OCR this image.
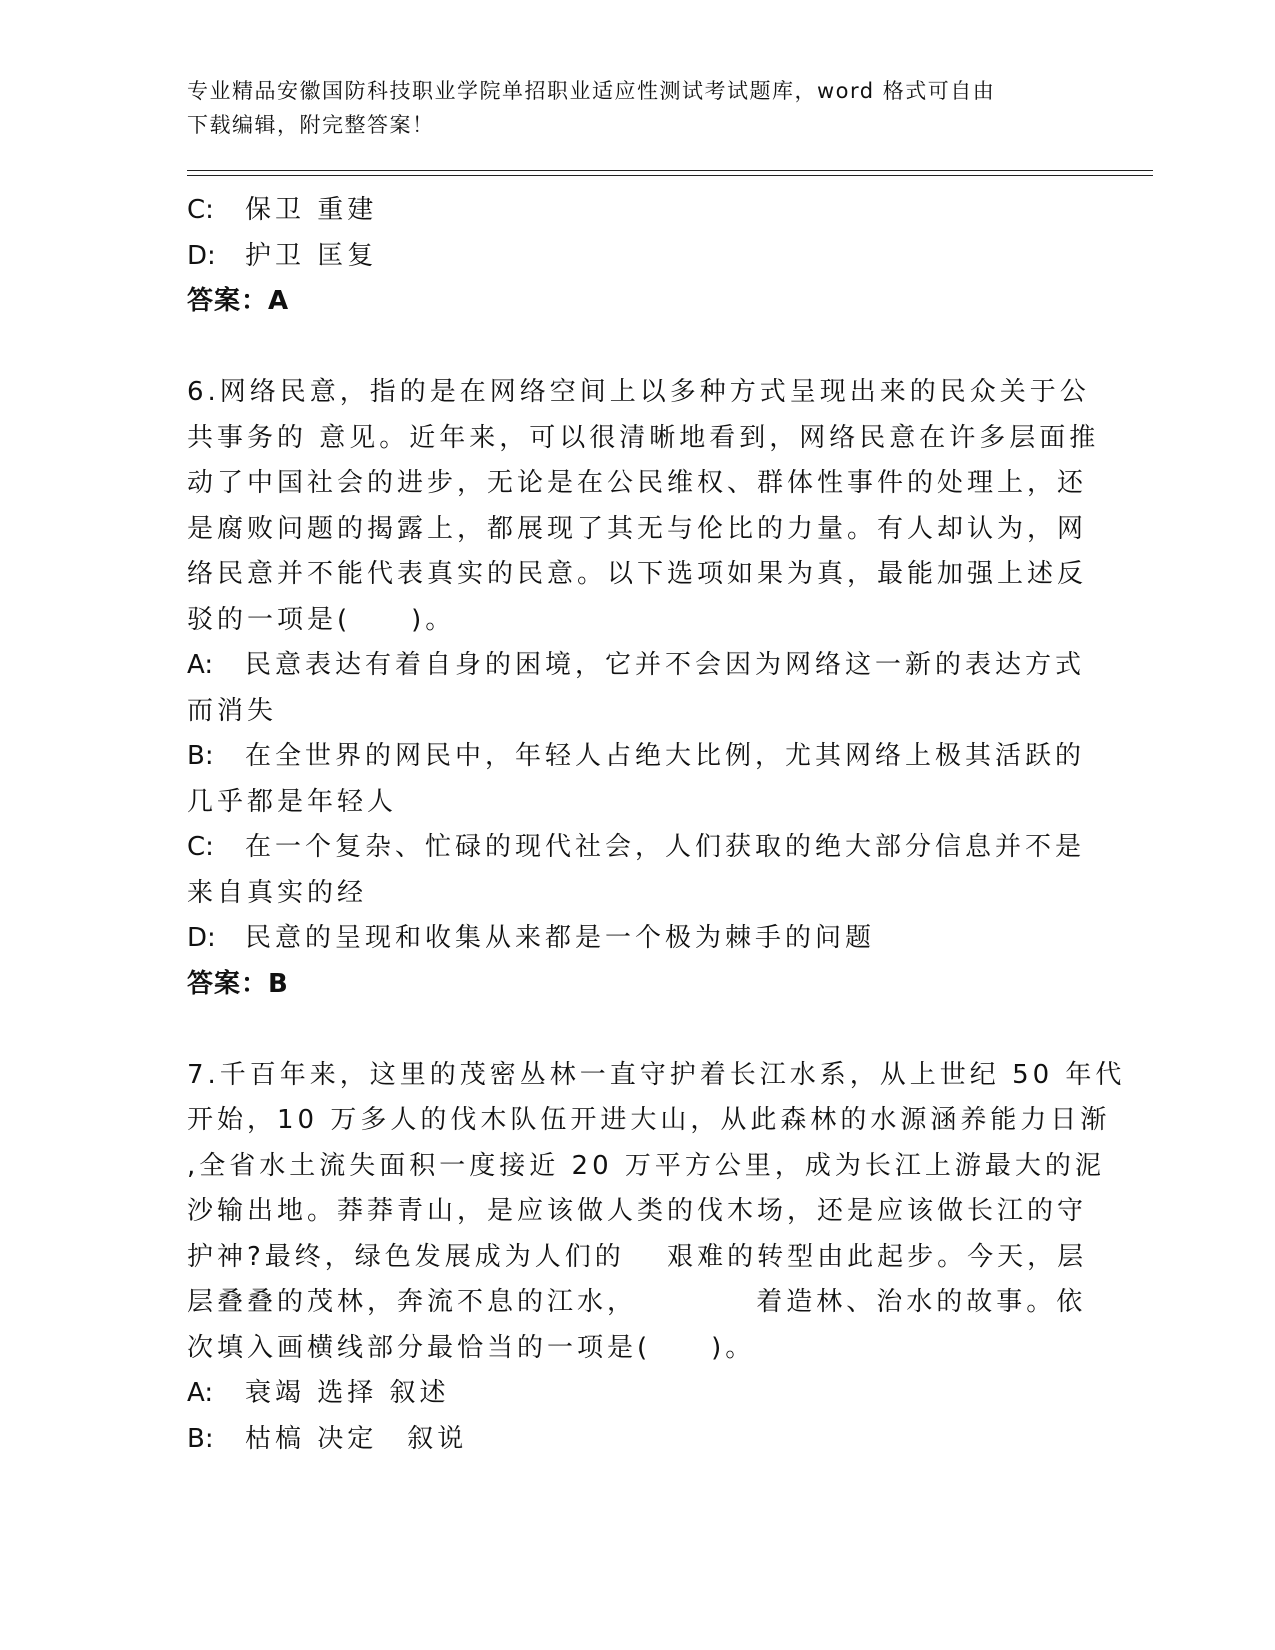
专业精品安徽国防科技职业学院单招职业适应性测试考试题库，word 格式可自由
下载编辑，附完整答案！
C: 保卫 重建
D: 护卫 匡复
答案：A
6.网络民意，指的是在网络空间上以多种方式呈现出来的民众关于公
共事务的 意见。近年来，可以很清晰地看到，网络民意在许多层面推
动了中国社会的进步，无论是在公民维权、群体性事件的处理上，还
是腐败问题的揭露上，都展现了其无与伦比的力量。有人却认为，网
络民意并不能代表真实的民意。以下选项如果为真，最能加强上述反
驳的一项是(　　)。
A: 民意表达有着自身的困境，它并不会因为网络这一新的表达方式
而消失
B: 在全世界的网民中，年轻人占绝大比例，尤其网络上极其活跃的
几乎都是年轻人
C: 在一个复杂、忙碌的现代社会，人们获取的绝大部分信息并不是
来自真实的经
D: 民意的呈现和收集从来都是一个极为棘手的问题
答案：B
7.千百年来，这里的茂密丛林一直守护着长江水系，从上世纪 50 年代
开始，10 万多人的伐木队伍开进大山，从此森林的水源涵养能力日渐
,全省水土流失面积一度接近 20 万平方公里，成为长江上游最大的泥
沙输出地。莽莽青山，是应该做人类的伐木场，还是应该做长江的守
护神?最终，绿色发展成为人们的　 艰难的转型由此起步。今天，层
层叠叠的茂林，奔流不息的江水，　　　　 着造林、治水的故事。依
次填入画横线部分最恰当的一项是(　　)。
A: 衰竭 选择 叙述
B: 枯槁 决定　叙说
